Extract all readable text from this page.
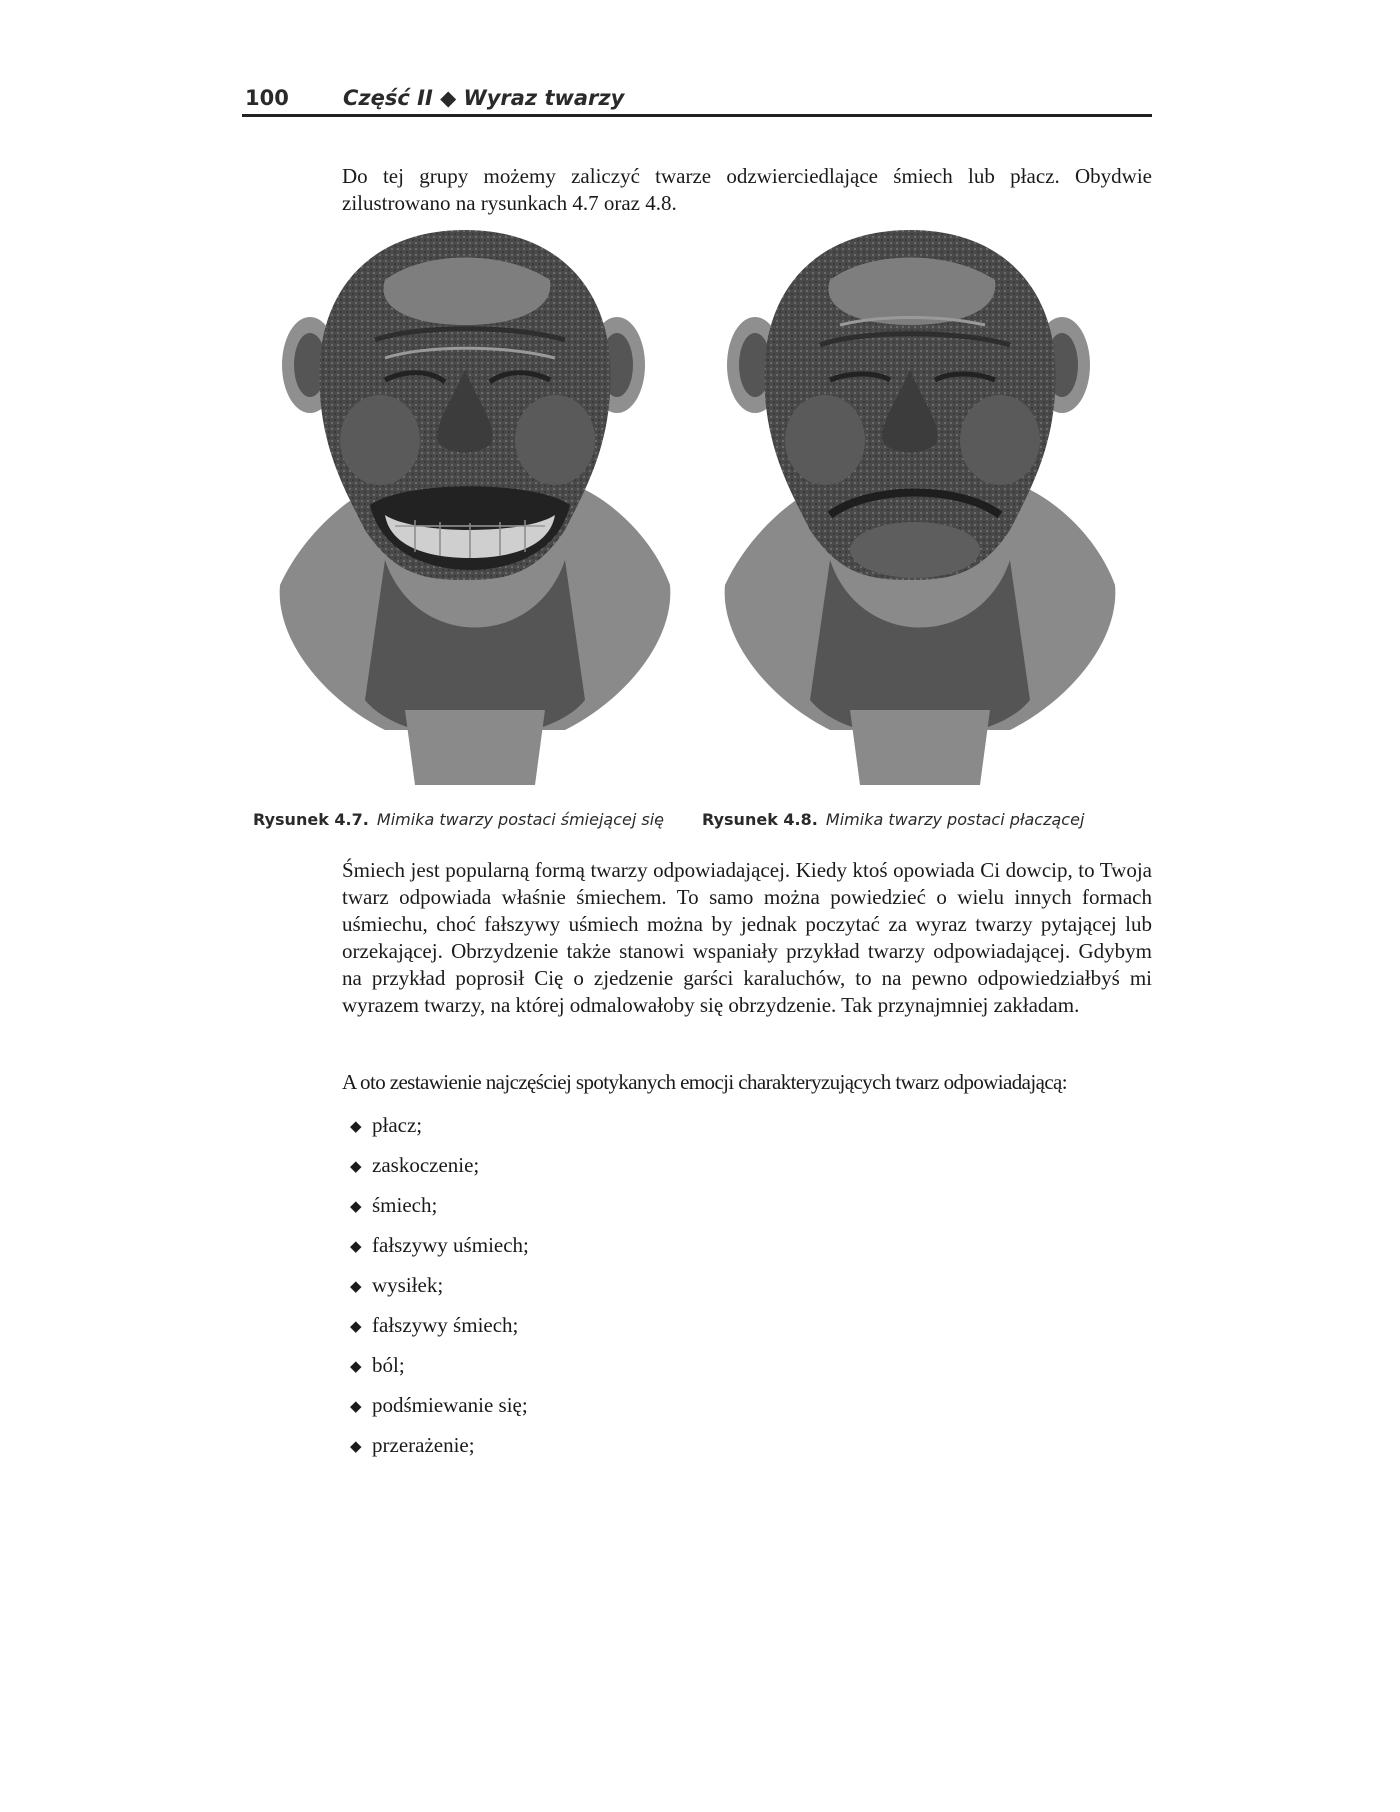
100	Część II ◆ Wyraz twarzy

Do tej grupy możemy zaliczyć twarze odzwierciedlające śmiech lub płacz. Obydwie zilustrowano na rysunkach 4.7 oraz 4.8.

Rysunek 4.7. Mimika twarzy postaci śmiejącej się Rysunek 4.8. Mimika twarzy postaci płaczącej

Śmiech jest popularną formą twarzy odpowiadającej. Kiedy ktoś opowiada Ci dowcip, to Twoja twarz odpowiada właśnie śmiechem. To samo można powiedzieć o wielu innych formach uśmiechu, choć fałszywy uśmiech można by jednak poczytać za wyraz twarzy pytającej lub orzekającej. Obrzydzenie także stanowi wspaniały przykład twarzy odpowiadającej. Gdybym na przykład poprosił Cię o zjedzenie garści karaluchów, to na pewno odpowiedziałbyś mi wyrazem twarzy, na której odmalowałoby się obrzydzenie. Tak przynajmniej zakładam.

A oto zestawienie najczęściej spotykanych emocji charakteryzujących twarz odpowiadającą:

◆ płacz;
◆ zaskoczenie;
◆ śmiech;
◆ fałszywy uśmiech;
◆ wysiłek;
◆ fałszywy śmiech;
◆ ból;
◆ podśmiewanie się;
◆ przerażenie;
